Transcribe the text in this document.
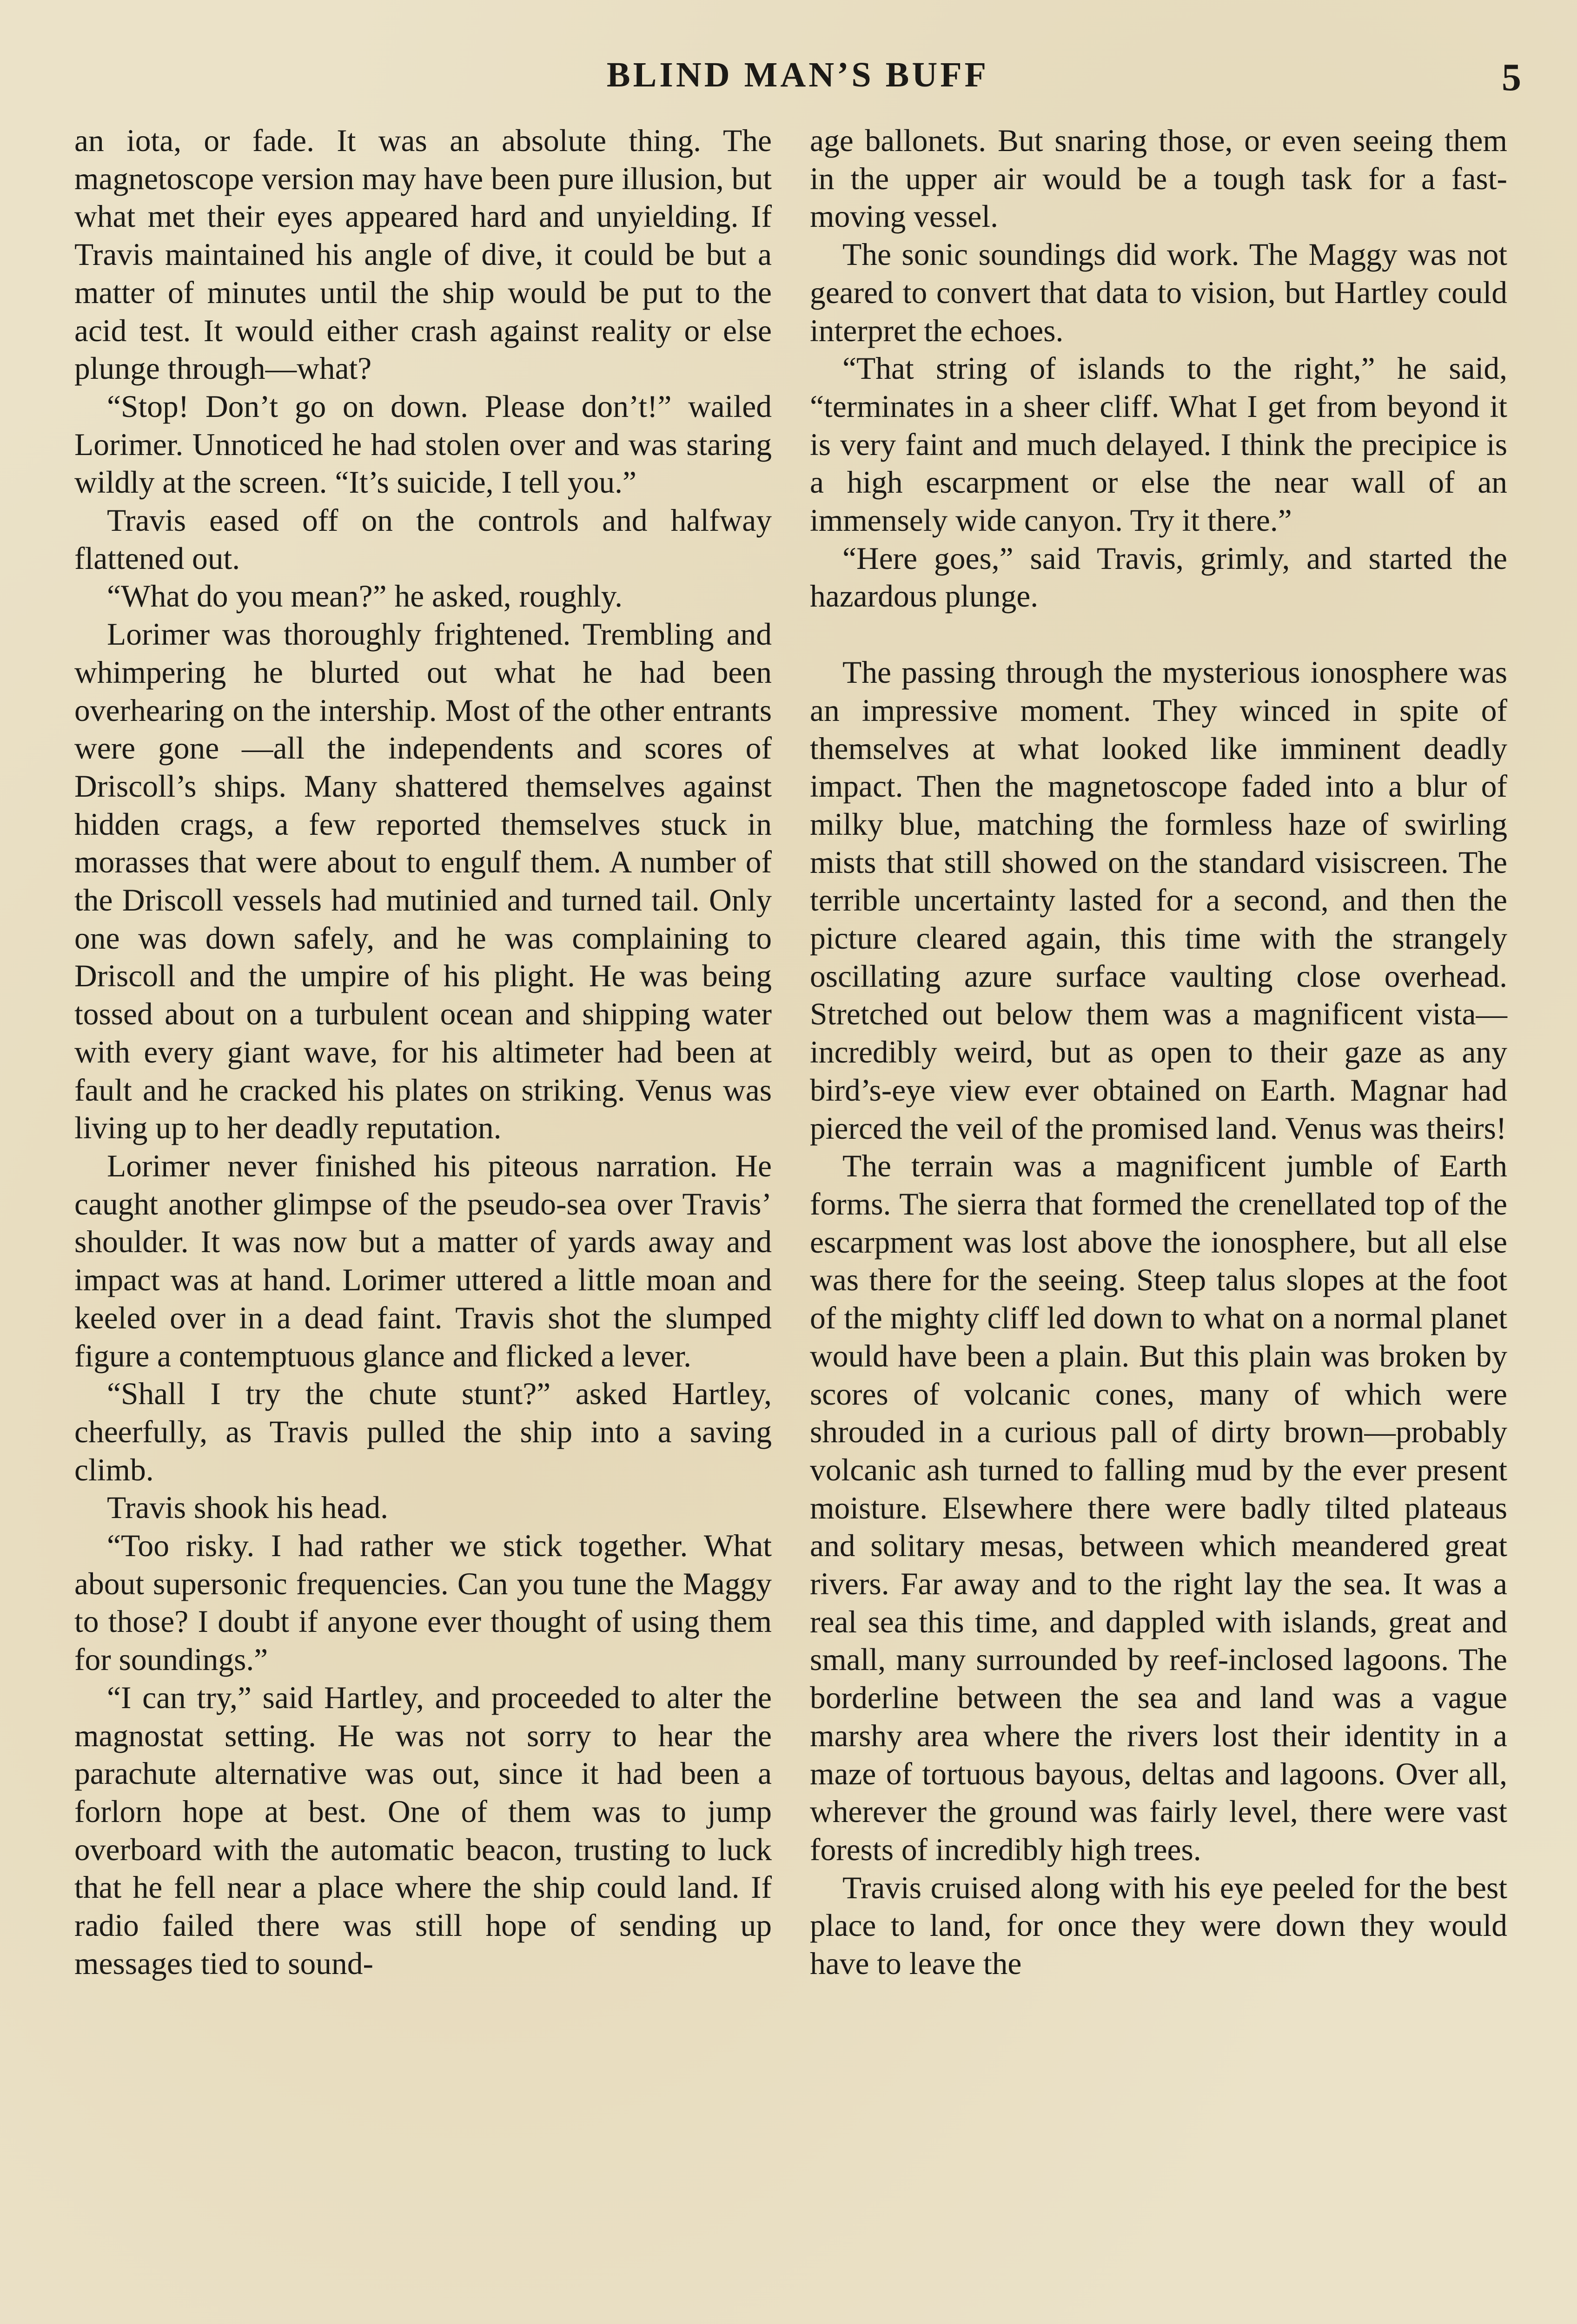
BLIND MAN’S BUFF	5

an iota, or fade. It was an absolute thing. The magnetoscope version may have been pure illusion, but what met their eyes appeared hard and unyielding. If Travis maintained his angle of dive, it could be but a matter of minutes until the ship would be put to the acid test. It would either crash against reality or else plunge through—what?

“Stop! Don’t go on down. Please don’t!” wailed Lorimer. Unnoticed he had stolen over and was staring wildly at the screen. “It’s suicide, I tell you.”

Travis eased off on the controls and halfway flattened out.

“What do you mean?” he asked, roughly.

Lorimer was thoroughly frightened. Trembling and whimpering he blurted out what he had been overhearing on the intership. Most of the other entrants were gone —all the independents and scores of Driscoll’s ships. Many shattered themselves against hidden crags, a few reported themselves stuck in morasses that were about to engulf them. A number of the Driscoll vessels had mutinied and turned tail. Only one was down safely, and he was complaining to Driscoll and the umpire of his plight. He was being tossed about on a turbulent ocean and shipping water with every giant wave, for his altimeter had been at fault and he cracked his plates on striking. Venus was living up to her deadly reputation.

Lorimer never finished his piteous narration. He caught another glimpse of the pseudo-sea over Travis’ shoulder. It was now but a matter of yards away and impact was at hand. Lorimer uttered a little moan and keeled over in a dead faint. Travis shot the slumped figure a contemptuous glance and flicked a lever.

“Shall I try the chute stunt?” asked Hartley, cheerfully, as Travis pulled the ship into a saving climb.

Travis shook his head.

“Too risky. I had rather we stick together. What about supersonic frequencies. Can you tune the Maggy to those? I doubt if anyone ever thought of using them for soundings.”

“I can try,” said Hartley, and proceeded to alter the magnostat setting. He was not sorry to hear the parachute alternative was out, since it had been a forlorn hope at best. One of them was to jump overboard with the automatic beacon, trusting to luck that he fell near a place where the ship could land. If radio failed there was still hope of sending up messages tied to sound-

age ballonets. But snaring those, or even seeing them in the upper air would be a tough task for a fast-moving vessel.

The sonic soundings did work. The Maggy was not geared to convert that data to vision, but Hartley could interpret the echoes.

“That string of islands to the right,” he said, “terminates in a sheer cliff. What I get from beyond it is very faint and much delayed. I think the precipice is a high escarpment or else the near wall of an immensely wide canyon. Try it there.”

“Here goes,” said Travis, grimly, and started the hazardous plunge.

The passing through the mysterious ionosphere was an impressive moment. They winced in spite of themselves at what looked like imminent deadly impact. Then the magnetoscope faded into a blur of milky blue, matching the formless haze of swirling mists that still showed on the standard visiscreen. The terrible uncertainty lasted for a second, and then the picture cleared again, this time with the strangely oscillating azure surface vaulting close overhead. Stretched out below them was a magnificent vista—incredibly weird, but as open to their gaze as any bird’s-eye view ever obtained on Earth. Magnar had pierced the veil of the promised land. Venus was theirs!

The terrain was a magnificent jumble of Earth forms. The sierra that formed the crenellated top of the escarpment was lost above the ionosphere, but all else was there for the seeing. Steep talus slopes at the foot of the mighty cliff led down to what on a normal planet would have been a plain. But this plain was broken by scores of volcanic cones, many of which were shrouded in a curious pall of dirty brown—probably volcanic ash turned to falling mud by the ever present moisture. Elsewhere there were badly tilted plateaus and solitary mesas, between which meandered great rivers. Far away and to the right lay the sea. It was a real sea this time, and dappled with islands, great and small, many surrounded by reef-inclosed lagoons. The borderline between the sea and land was a vague marshy area where the rivers lost their identity in a maze of tortuous bayous, deltas and lagoons. Over all, wherever the ground was fairly level, there were vast forests of incredibly high trees.

Travis cruised along with his eye peeled for the best place to land, for once they were down they would have to leave the
